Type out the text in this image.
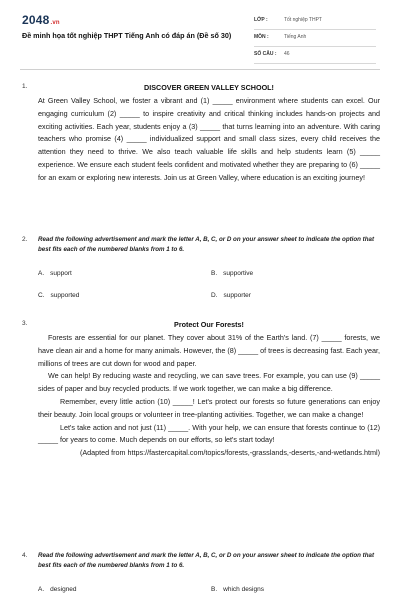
2048.vn
Đề minh họa tốt nghiệp THPT Tiếng Anh có đáp án (Đề số 30)
LỚP :	Tốt nghiệp THPT
MÔN :	Tiếng Anh
SỐ CÂU : 46
1.	DISCOVER GREEN VALLEY SCHOOL!

At Green Valley School, we foster a vibrant and (1) _____ environment where students can excel. Our engaging curriculum (2) _____ to inspire creativity and critical thinking includes hands-on projects and exciting activities. Each year, students enjoy a (3) _____ that turns learning into an adventure. With caring teachers who promise (4) _____ individualized support and small class sizes, every child receives the attention they need to thrive. We also teach valuable life skills and help students learn (5) _____ experience. We ensure each student feels confident and motivated whether they are preparing to (6) _____ for an exam or exploring new interests. Join us at Green Valley, where education is an exciting journey!

2. Read the following advertisement and mark the letter A, B, C, or D on your answer sheet to indicate the option that best fits each of the numbered blanks from 1 to 6.
A. support	B. supportive
C. supported	D. supporter
3.	Protect Our Forests!

Forests are essential for our planet. They cover about 31% of the Earth's land. (7) _____ forests, we have clean air and a home for many animals. However, the (8) _____ of trees is decreasing fast. Each year, millions of trees are cut down for wood and paper.

We can help! By reducing waste and recycling, we can save trees. For example, you can use (9) _____ sides of paper and buy recycled products. If we work together, we can make a big difference.

Remember, every little action (10) _____! Let's protect our forests so future generations can enjoy their beauty. Join local groups or volunteer in tree-planting activities. Together, we can make a change!

Let's take action and not just (11) _____. With your help, we can ensure that forests continue to (12) _____ for years to come. Much depends on our efforts, so let's start today!

(Adapted from https://fastercapital.com/topics/forests,-grasslands,-deserts,-and-wetlands.html)

4. Read the following advertisement and mark the letter A, B, C, or D on your answer sheet to indicate the option that best fits each of the numbered blanks from 1 to 6.
A. designed	B. which designs
